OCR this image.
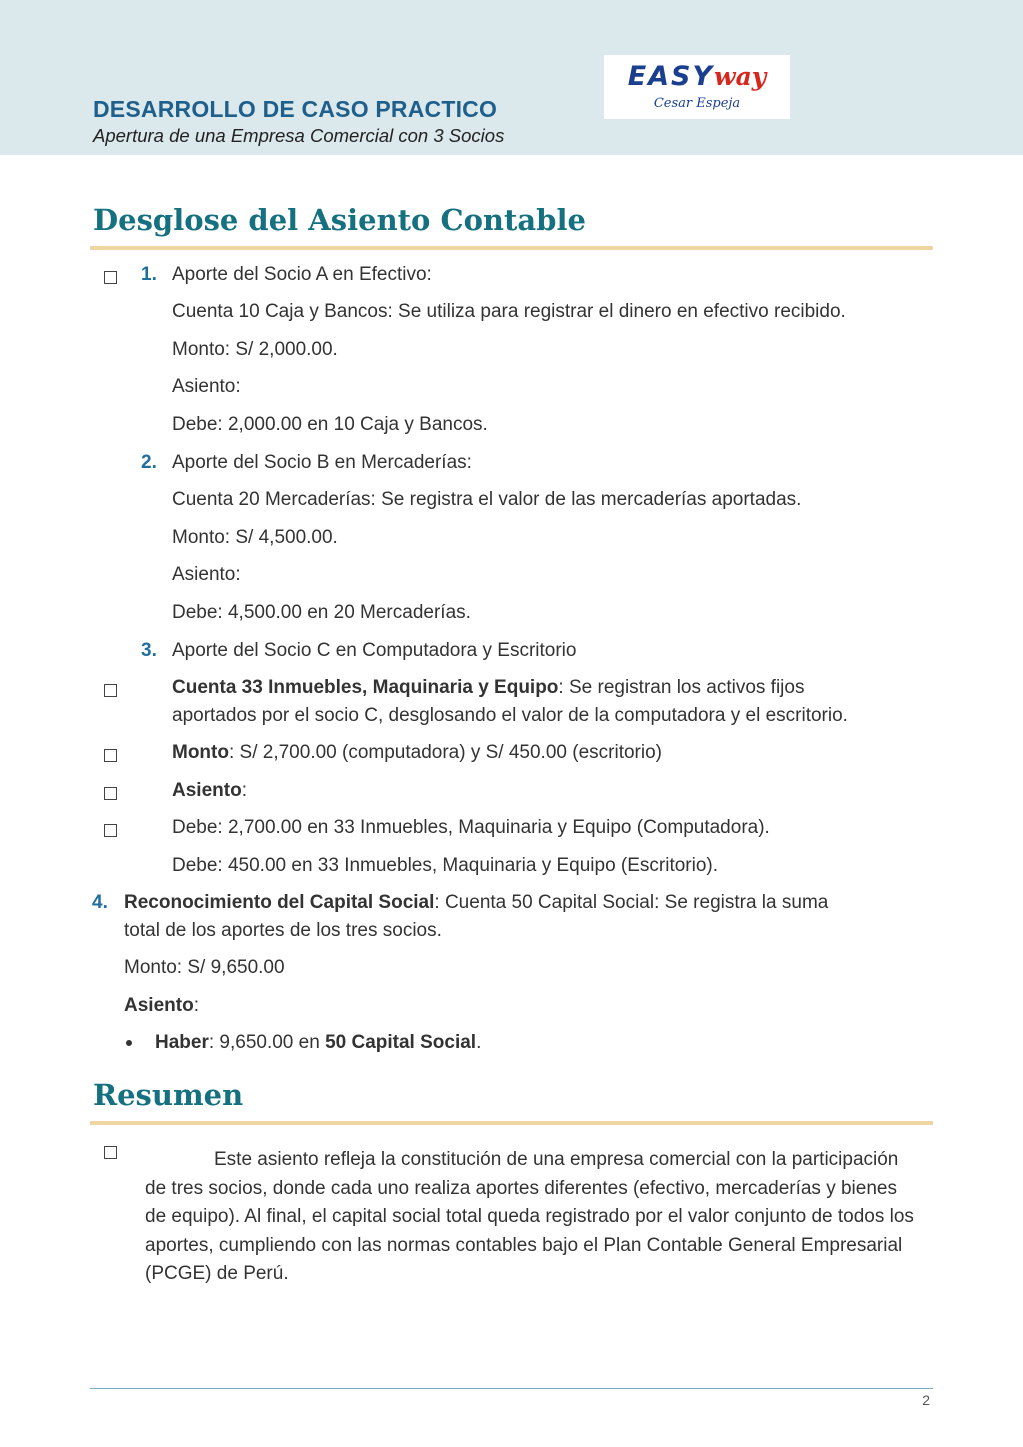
DESARROLLO DE CASO PRACTICO

Apertura de una Empresa Comercial con 3 Socios

EASYway
Cesar Espeja
Desglose del Asiento Contable

1. Aporte del Socio A en Efectivo:

Cuenta 10 Caja y Bancos: Se utiliza para registrar el dinero en efectivo recibido.

Monto: S/ 2,000.00.

Asiento:

Debe: 2,000.00 en 10 Caja y Bancos.

2. Aporte del Socio B en Mercaderías:

Cuenta 20 Mercaderías: Se registra el valor de las mercaderías aportadas.

Monto: S/ 4,500.00.

Asiento:

Debe: 4,500.00 en 20 Mercaderías.

3. Aporte del Socio C en Computadora y Escritorio

Cuenta 33 Inmuebles, Maquinaria y Equipo: Se registran los activos fijos

aportados por el socio C, desglosando el valor de la computadora y el escritorio.

Monto: S/ 2,700.00 (computadora) y S/ 450.00 (escritorio)

Asiento:

Debe: 2,700.00 en 33 Inmuebles, Maquinaria y Equipo (Computadora).

Debe: 450.00 en 33 Inmuebles, Maquinaria y Equipo (Escritorio).

4. Reconocimiento del Capital Social: Cuenta 50 Capital Social: Se registra la suma

total de los aportes de los tres socios.

Monto: S/ 9,650.00

Asiento:

Haber: 9,650.00 en 50 Capital Social.

Resumen

Este asiento refleja la constitución de una empresa comercial con la participación de tres socios, donde cada uno realiza aportes diferentes (efectivo, mercaderías y bienes de equipo). Al final, el capital social total queda registrado por el valor conjunto de todos los aportes, cumpliendo con las normas contables bajo el Plan Contable General Empresarial (PCGE) de Perú.

2
